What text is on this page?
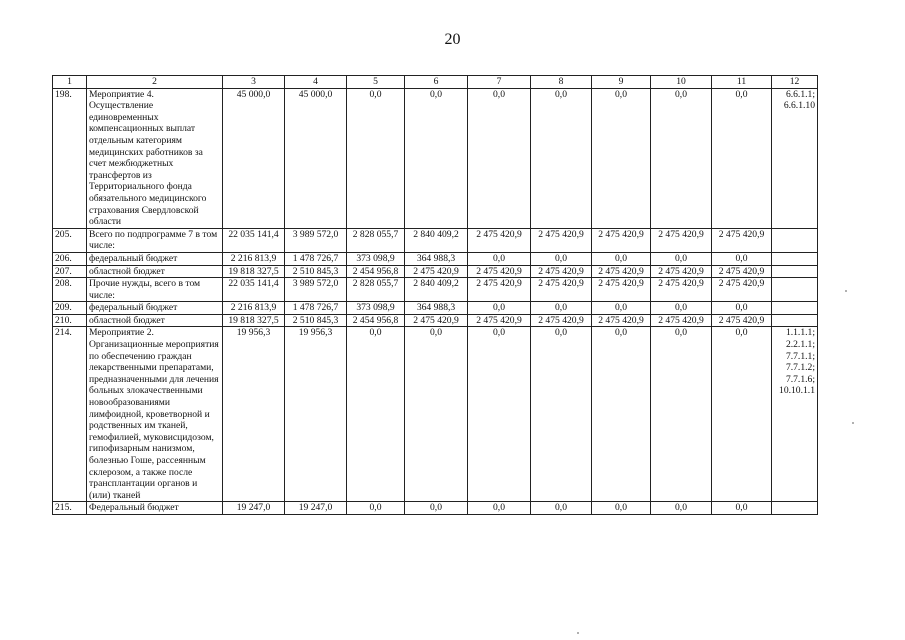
20
1	2	3	4	5	6	7	8	9	10	11	12
198.	Мероприятие 4. Осуществление единовременных компенсационных выплат отдельным категориям медицинских работников за счет межбюджетных трансфертов из Территориального фонда обязательного медицинского страхования Свердловской области	45 000,0	45 000,0	0,0	0,0	0,0	0,0	0,0	0,0	0,0	6.6.1.1; 6.6.1.10
205.	Всего по подпрограмме 7 в том числе:	22 035 141,4	3 989 572,0	2 828 055,7	2 840 409,2	2 475 420,9	2 475 420,9	2 475 420,9	2 475 420,9	2 475 420,9	
206.	федеральный бюджет	2 216 813,9	1 478 726,7	373 098,9	364 988,3	0,0	0,0	0,0	0,0	0,0	
207.	областной бюджет	19 818 327,5	2 510 845,3	2 454 956,8	2 475 420,9	2 475 420,9	2 475 420,9	2 475 420,9	2 475 420,9	2 475 420,9	
208.	Прочие нужды, всего в том числе:	22 035 141,4	3 989 572,0	2 828 055,7	2 840 409,2	2 475 420,9	2 475 420,9	2 475 420,9	2 475 420,9	2 475 420,9	
209.	федеральный бюджет	2 216 813,9	1 478 726,7	373 098,9	364 988,3	0,0	0,0	0,0	0,0	0,0	
210.	областной бюджет	19 818 327,5	2 510 845,3	2 454 956,8	2 475 420,9	2 475 420,9	2 475 420,9	2 475 420,9	2 475 420,9	2 475 420,9	
214.	Мероприятие 2. Организационные мероприятия по обеспечению граждан лекарственными препаратами, предназначенными для лечения больных злокачественными новообразованиями лимфоидной, кроветворной и родственных им тканей, гемофилией, муковисцидозом, гипофизарным нанизмом, болезнью Гоше, рассеянным склерозом, а также после трансплантации органов и (или) тканей	19 956,3	19 956,3	0,0	0,0	0,0	0,0	0,0	0,0	0,0	1.1.1.1; 2.2.1.1; 7.7.1.1; 7.7.1.2; 7.7.1.6; 10.10.1.1
215.	Федеральный бюджет	19 247,0	19 247,0	0,0	0,0	0,0	0,0	0,0	0,0	0,0	
